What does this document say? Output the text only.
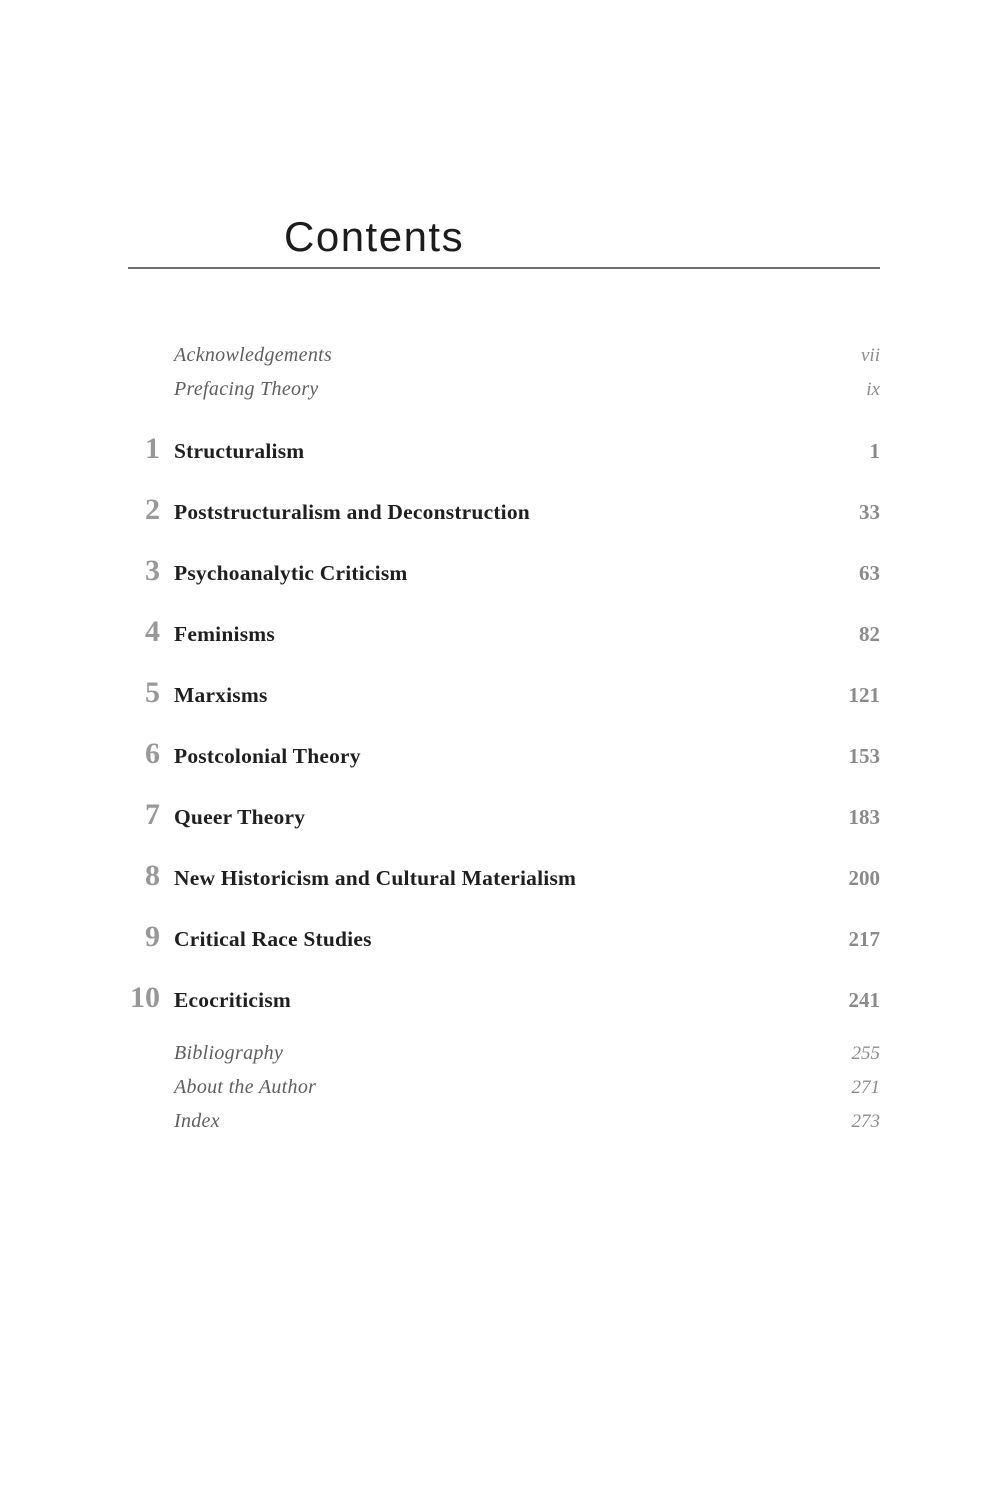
Contents
Acknowledgements	vii
Prefacing Theory	ix
1 Structuralism	1
2 Poststructuralism and Deconstruction	33
3 Psychoanalytic Criticism	63
4 Feminisms	82
5 Marxisms	121
6 Postcolonial Theory	153
7 Queer Theory	183
8 New Historicism and Cultural Materialism	200
9 Critical Race Studies	217
10 Ecocriticism	241
Bibliography	255
About the Author	271
Index	273
